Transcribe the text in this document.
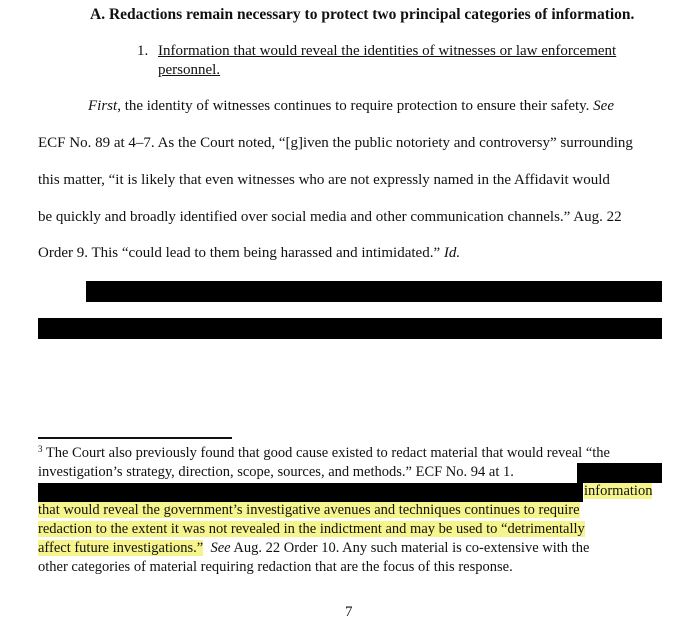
A. Redactions remain necessary to protect two principal categories of information.
1. Information that would reveal the identities of witnesses or law enforcement
personnel.
First, the identity of witnesses continues to require protection to ensure their safety. See
ECF No. 89 at 4–7. As the Court noted, “[g]iven the public notoriety and controversy” surrounding
this matter, “it is likely that even witnesses who are not expressly named in the Affidavit would
be quickly and broadly identified over social media and other communication channels.” Aug. 22
Order 9. This “could lead to them being harassed and intimidated.” Id.
$^3$ The Court also previously found that good cause existed to redact material that would reveal “the
investigation’s strategy, direction, scope, sources, and methods.” ECF No. 94 at 1.
information
that would reveal the government’s investigative avenues and techniques continues to require
redaction to the extent it was not revealed in the indictment and may be used to “detrimentally
affect future investigations.” See Aug. 22 Order 10. Any such material is co-extensive with the
other categories of material requiring redaction that are the focus of this response.
7
